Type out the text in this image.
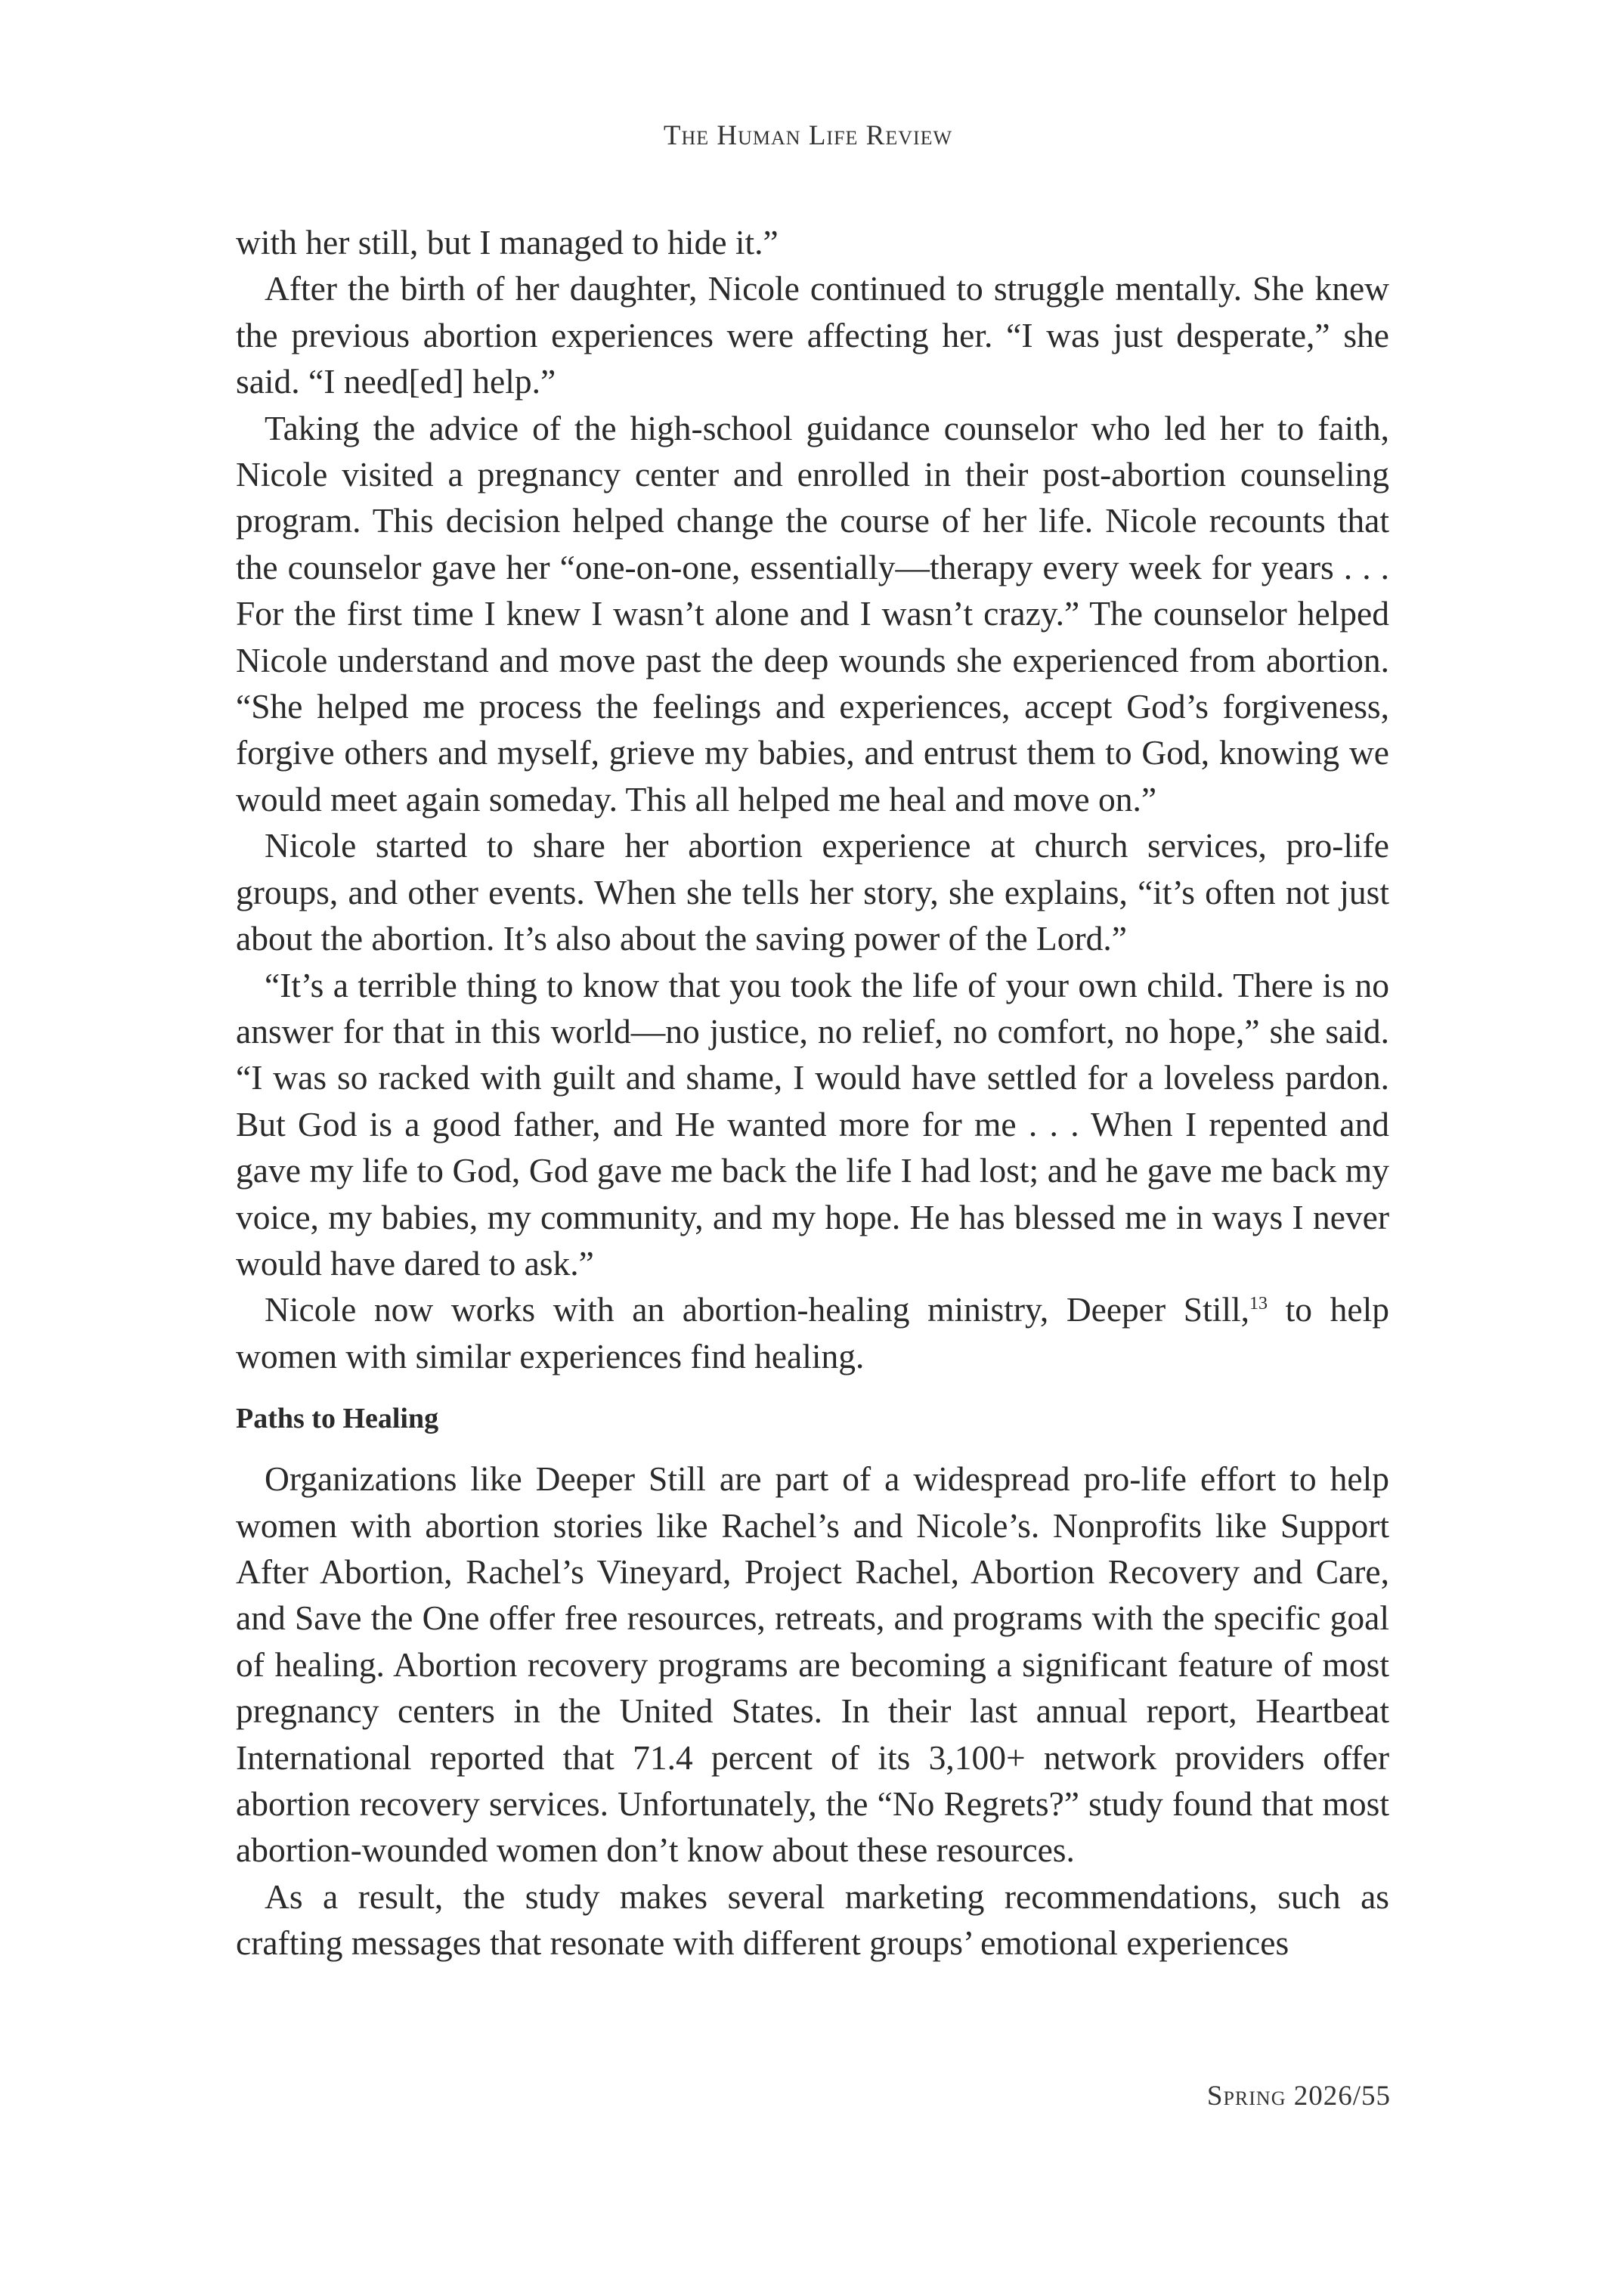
The Human Life Review

with her still, but I managed to hide it.”

After the birth of her daughter, Nicole continued to struggle mentally. She knew the previous abortion experiences were affecting her. “I was just desperate,” she said. “I need[ed] help.”

Taking the advice of the high-school guidance counselor who led her to faith, Nicole visited a pregnancy center and enrolled in their post-abortion counseling program. This decision helped change the course of her life. Nicole recounts that the counselor gave her “one-on-one, essentially—therapy every week for years . . . For the first time I knew I wasn’t alone and I wasn’t crazy.” The counselor helped Nicole understand and move past the deep wounds she experienced from abortion. “She helped me process the feelings and experiences, accept God’s forgiveness, forgive others and myself, grieve my babies, and entrust them to God, knowing we would meet again someday. This all helped me heal and move on.”

Nicole started to share her abortion experience at church services, pro-life groups, and other events. When she tells her story, she explains, “it’s often not just about the abortion. It’s also about the saving power of the Lord.”

“It’s a terrible thing to know that you took the life of your own child. There is no answer for that in this world—no justice, no relief, no comfort, no hope,” she said. “I was so racked with guilt and shame, I would have settled for a loveless pardon. But God is a good father, and He wanted more for me . . . When I repented and gave my life to God, God gave me back the life I had lost; and he gave me back my voice, my babies, my community, and my hope. He has blessed me in ways I never would have dared to ask.”

Nicole now works with an abortion-healing ministry, Deeper Still,$^{13}$ to help women with similar experiences find healing.

Paths to Healing

Organizations like Deeper Still are part of a widespread pro-life effort to help women with abortion stories like Rachel’s and Nicole’s. Nonprofits like Support After Abortion, Rachel’s Vineyard, Project Rachel, Abortion Recovery and Care, and Save the One offer free resources, retreats, and programs with the specific goal of healing. Abortion recovery programs are becoming a significant feature of most pregnancy centers in the United States. In their last annual report, Heartbeat International reported that 71.4 percent of its 3,100+ network providers offer abortion recovery services. Unfortunately, the “No Regrets?” study found that most abortion-wounded women don’t know about these resources.

As a result, the study makes several marketing recommendations, such as crafting messages that resonate with different groups’ emotional experiences

Spring 2026/55
